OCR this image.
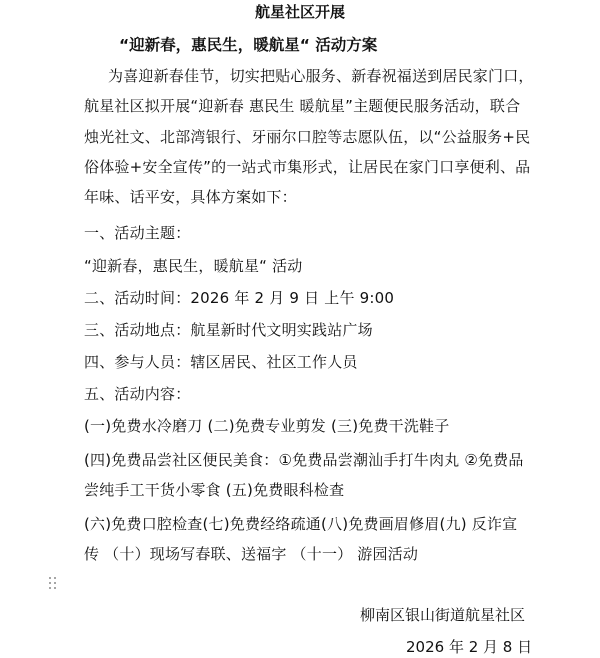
航星社区开展
“迎新春，惠民生，暖航星“ 活动方案
为喜迎新春佳节，切实把贴心服务、新春祝福送到居民家门口，
航星社区拟开展“迎新春 惠民生 暖航星”主题便民服务活动，联合
烛光社文、北部湾银行、牙丽尔口腔等志愿队伍，以“公益服务+民
俗体验+安全宣传”的一站式市集形式，让居民在家门口享便利、品
年味、话平安，具体方案如下：
一、活动主题：
“迎新春，惠民生，暖航星“ 活动
二、活动时间：2026 年 2 月 9 日 上午 9:00
三、活动地点：航星新时代文明实践站广场
四、参与人员：辖区居民、社区工作人员
五、活动内容：
(一)免费水冷磨刀 (二)免费专业剪发 (三)免费干洗鞋子
(四)免费品尝社区便民美食：①免费品尝潮汕手打牛肉丸 ②免费品
尝纯手工干货小零食 (五)免费眼科检查
(六)免费口腔检查(七)免费经络疏通(八)免费画眉修眉(九) 反诈宣
传 （十）现场写春联、送福字 （十一） 游园活动
柳南区银山街道航星社区
2026 年 2 月 8 日
